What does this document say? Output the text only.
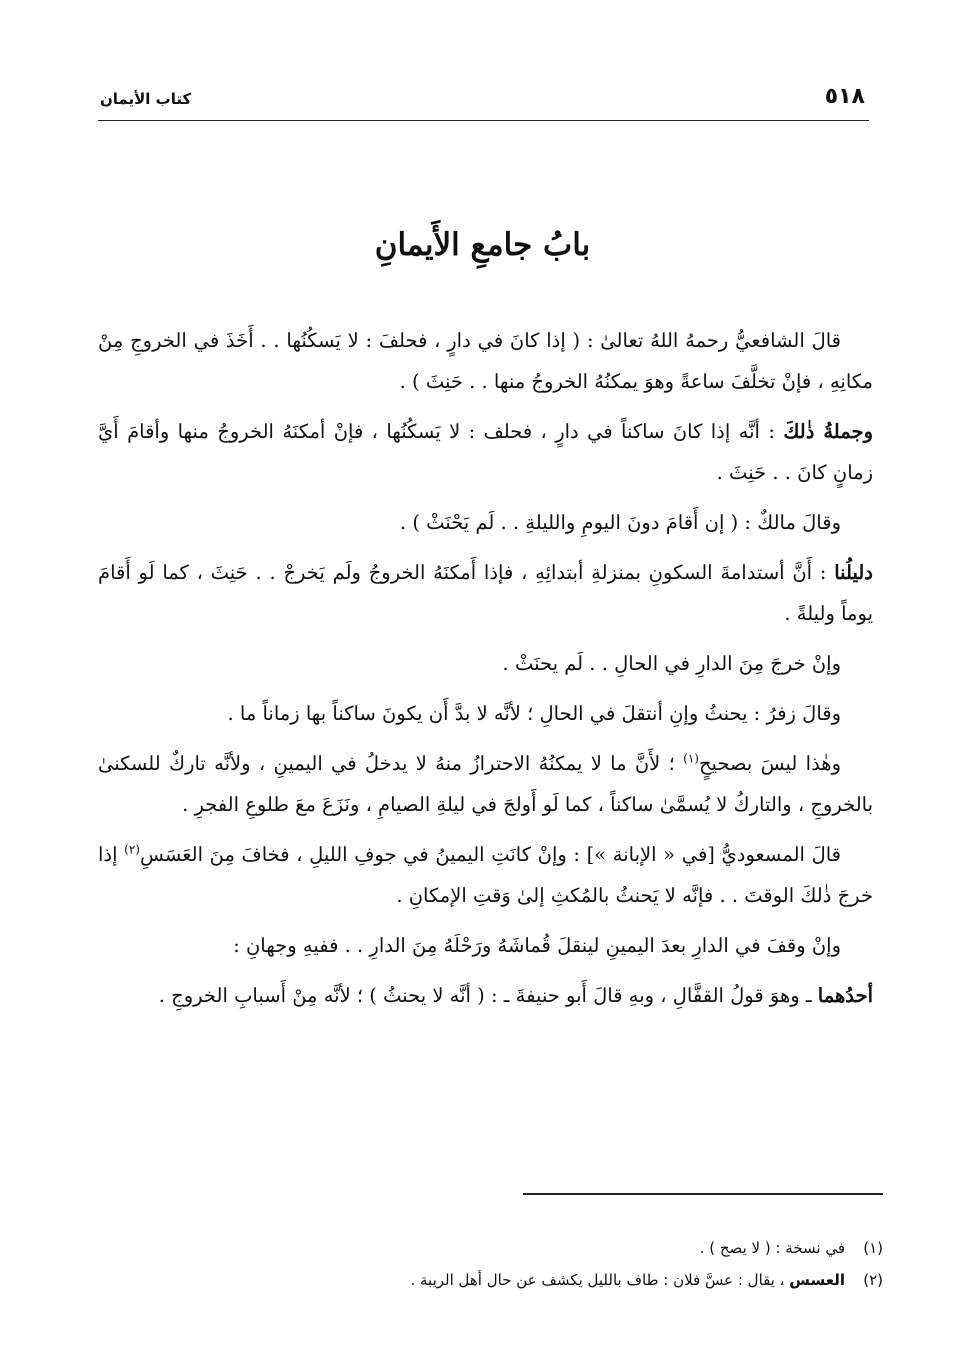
٥١٨
كتاب الأيمان
بابُ جامعِ الأَيمانِ

قالَ الشافعيُّ رحمهُ اللهُ تعالىٰ : ( إذا كانَ في دارٍ ، فحلفَ : لا يَسكُنُها . . أَخَذَ في الخروجِ مِنْ مكانِهِ ، فإنْ تخلَّفَ ساعةً وهوَ يمكنُهُ الخروجُ منها . . حَنِثَ ) .

وجملةُ ذٰلكَ : أنَّه إذا كانَ ساكناً في دارٍ ، فحلف : لا يَسكُنُها ، فإنْ أمكنَهُ الخروجُ منها وأقامَ أَيَّ زمانٍ كانَ . . حَنِثَ .

وقالَ مالكٌ : ( إن أَقامَ دونَ اليومِ والليلةِ . . لَم يَحْنَثْ ) .

دليلُنا : أَنَّ أستدامةَ السكونِ بمنزلةِ أبتدائِهِ ، فإذا أَمكنَهُ الخروجُ ولَم يَخرجْ . . حَنِثَ ، كما لَو أَقامَ يوماً وليلةً .

وإنْ خرجَ مِنَ الدارِ في الحالِ . . لَم يحنَثْ .

وقالَ زفرُ : يحنثُ وإنِ أنتقلَ في الحالِ ؛ لأنَّه لا بدَّ أَن يكونَ ساكناً بها زماناً ما .

وهٰذا ليسَ بصحيحٍ$^{(١)}$ ؛ لأَنَّ ما لا يمكنُهُ الاحترازُ منهُ لا يدخلُ في اليمينِ ، ولأنَّه تاركٌ للسكنىٰ بالخروجِ ، والتاركُ لا يُسمَّىٰ ساكناً ، كما لَو أَولجَ في ليلةِ الصيامِ ، ونَزَعَ معَ طلوعِ الفجرِ .

قالَ المسعوديُّ [في « الإبانة »] : وإنْ كانَتِ اليمينُ في جوفِ الليلِ ، فخافَ مِنَ العَسَسِ$^{(٢)}$ إذا خرجَ ذٰلكَ الوقتَ . . فإنَّه لا يَحنثُ بالمُكثِ إلىٰ وَقتِ الإمكانِ .

وإنْ وقفَ في الدارِ بعدَ اليمينِ لينقلَ قُماشَهُ ورَحْلَهُ مِنَ الدارِ . . ففيهِ وجهانِ :

أحدُهما ـ وهوَ قولُ القفَّالِ ، وبهِ قالَ أَبو حنيفةَ ـ : ( أنَّه لا يحنثُ ) ؛ لأنَّه مِنْ أَسبابِ الخروجِ .

(١)في نسخة : ( لا يصح ) .
(٢)العسس ، يقال : عسَّ فلان : طاف بالليل يكشف عن حال أهل الريبة .
